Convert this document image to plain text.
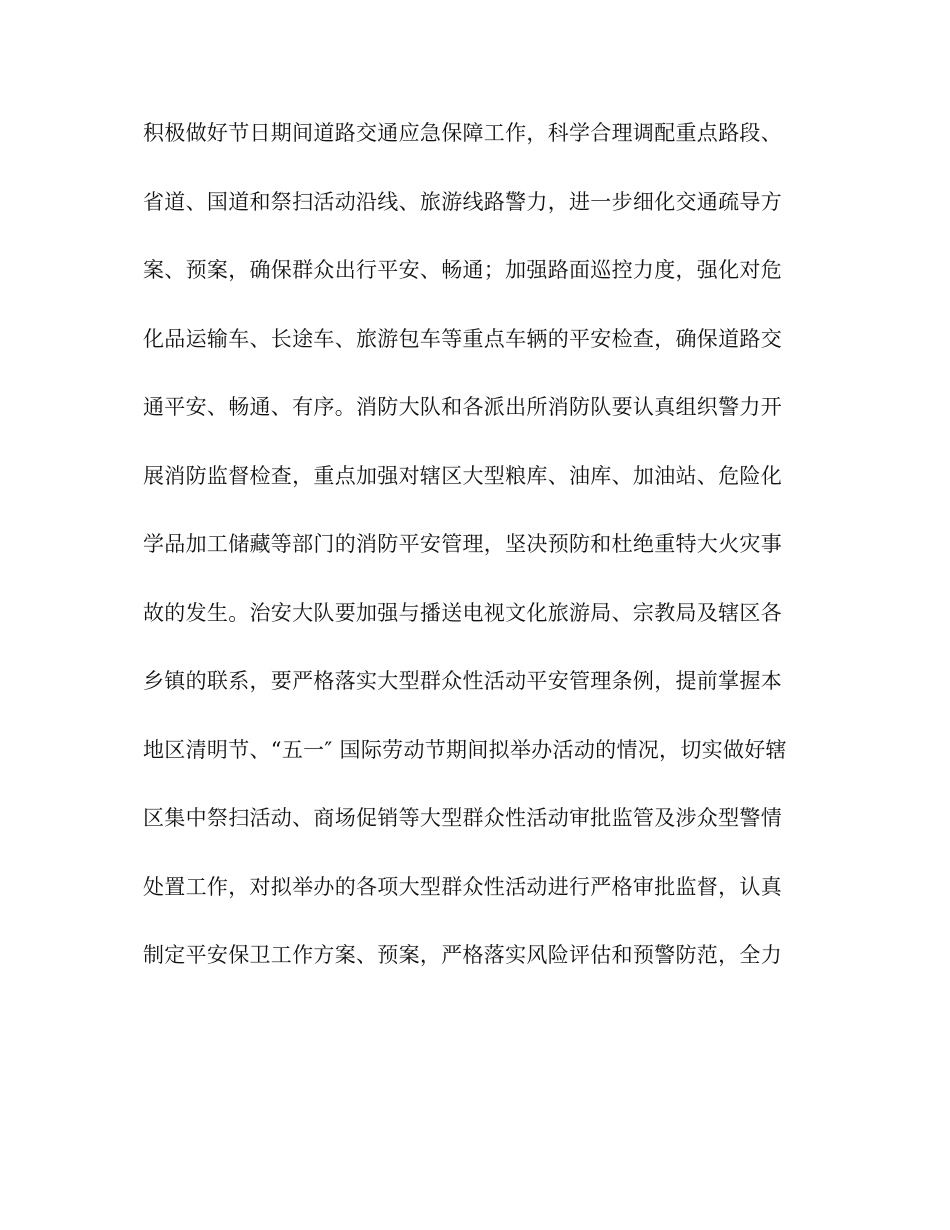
积极做好节日期间道路交通应急保障工作，科学合理调配重点路段、
省道、国道和祭扫活动沿线、旅游线路警力，进一步细化交通疏导方
案、预案，确保群众出行平安、畅通；加强路面巡控力度，强化对危
化品运输车、长途车、旅游包车等重点车辆的平安检查，确保道路交
通平安、畅通、有序。消防大队和各派出所消防队要认真组织警力开
展消防监督检查，重点加强对辖区大型粮库、油库、加油站、危险化
学品加工储藏等部门的消防平安管理，坚决预防和杜绝重特大火灾事
故的发生。治安大队要加强与播送电视文化旅游局、宗教局及辖区各
乡镇的联系，要严格落实大型群众性活动平安管理条例，提前掌握本
地区清明节、“五一″ 国际劳动节期间拟举办活动的情况，切实做好辖
区集中祭扫活动、商场促销等大型群众性活动审批监管及涉众型警情
处置工作，对拟举办的各项大型群众性活动进行严格审批监督，认真
制定平安保卫工作方案、预案，严格落实风险评估和预警防范，全力
